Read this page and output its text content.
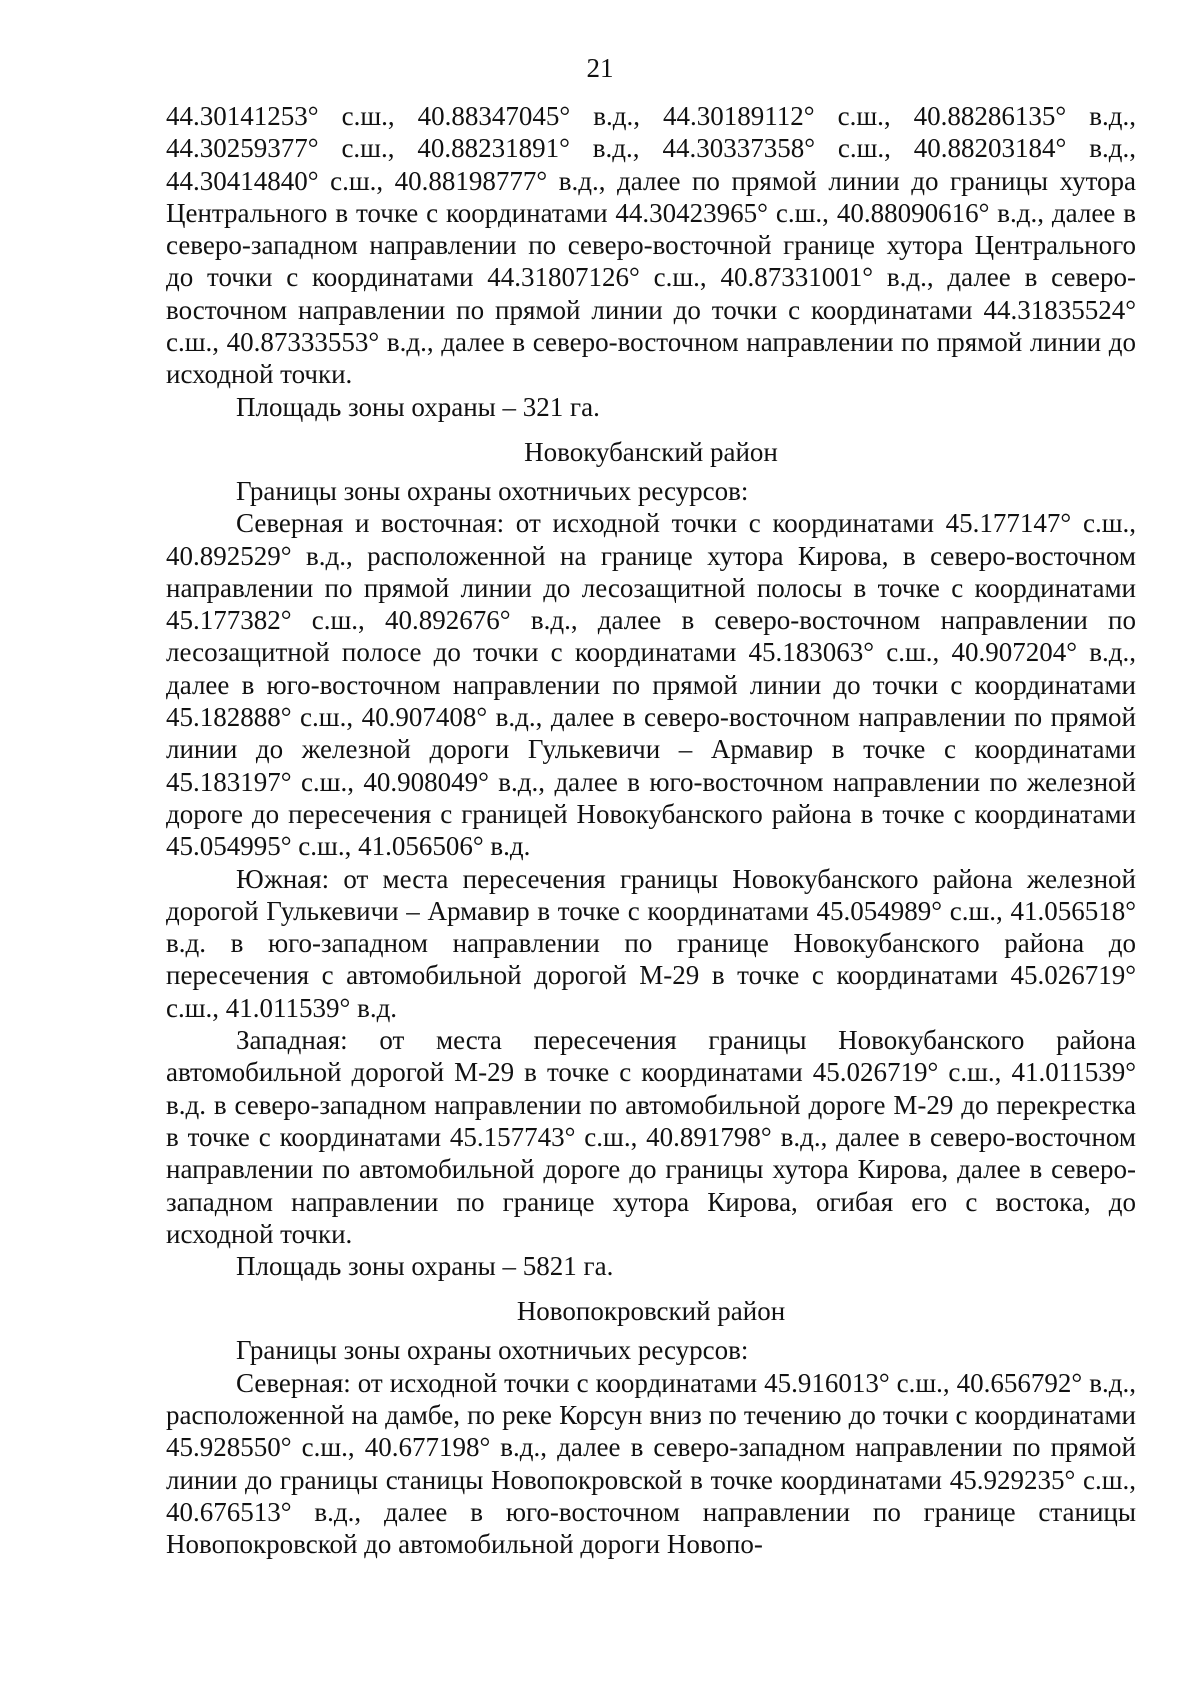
21

44.30141253° с.ш., 40.88347045° в.д., 44.30189112° с.ш., 40.88286135° в.д., 44.30259377° с.ш., 40.88231891° в.д., 44.30337358° с.ш., 40.88203184° в.д., 44.30414840° с.ш., 40.88198777° в.д., далее по прямой линии до границы хутора Центрального в точке с координатами 44.30423965° с.ш., 40.88090616° в.д., далее в северо-западном направлении по северо-восточной границе хутора Центрального до точки с координатами 44.31807126° с.ш., 40.87331001° в.д., далее в северо-восточном направлении по прямой линии до точки с координатами 44.31835524° с.ш., 40.87333553° в.д., далее в северо-восточном направлении по прямой линии до исходной точки.

Площадь зоны охраны – 321 га.

Новокубанский район

Границы зоны охраны охотничьих ресурсов:

Северная и восточная: от исходной точки с координатами 45.177147° с.ш., 40.892529° в.д., расположенной на границе хутора Кирова, в северо-восточном направлении по прямой линии до лесозащитной полосы в точке с координатами 45.177382° с.ш., 40.892676° в.д., далее в северо-восточном направлении по лесозащитной полосе до точки с координатами 45.183063° с.ш., 40.907204° в.д., далее в юго-восточном направлении по прямой линии до точки с координатами 45.182888° с.ш., 40.907408° в.д., далее в северо-восточном направлении по прямой линии до железной дороги Гулькевичи – Армавир в точке с координатами 45.183197° с.ш., 40.908049° в.д., далее в юго-восточном направлении по железной дороге до пересечения с границей Новокубанского района в точке с координатами 45.054995° с.ш., 41.056506° в.д.

Южная: от места пересечения границы Новокубанского района железной дорогой Гулькевичи – Армавир в точке с координатами 45.054989° с.ш., 41.056518° в.д. в юго-западном направлении по границе Новокубанского района до пересечения с автомобильной дорогой М-29 в точке с координатами 45.026719° с.ш., 41.011539° в.д.

Западная: от места пересечения границы Новокубанского района автомобильной дорогой М-29 в точке с координатами 45.026719° с.ш., 41.011539° в.д. в северо-западном направлении по автомобильной дороге М-29 до перекрестка в точке с координатами 45.157743° с.ш., 40.891798° в.д., далее в северо-восточном направлении по автомобильной дороге до границы хутора Кирова, далее в северо-западном направлении по границе хутора Кирова, огибая его с востока, до исходной точки.

Площадь зоны охраны – 5821 га.

Новопокровский район

Границы зоны охраны охотничьих ресурсов:

Северная: от исходной точки с координатами 45.916013° с.ш., 40.656792° в.д., расположенной на дамбе, по реке Корсун вниз по течению до точки с координатами 45.928550° с.ш., 40.677198° в.д., далее в северо-западном направлении по прямой линии до границы станицы Новопокровской в точке координатами 45.929235° с.ш., 40.676513° в.д., далее в юго-восточном направлении по границе станицы Новопокровской до автомобильной дороги Новопо-
